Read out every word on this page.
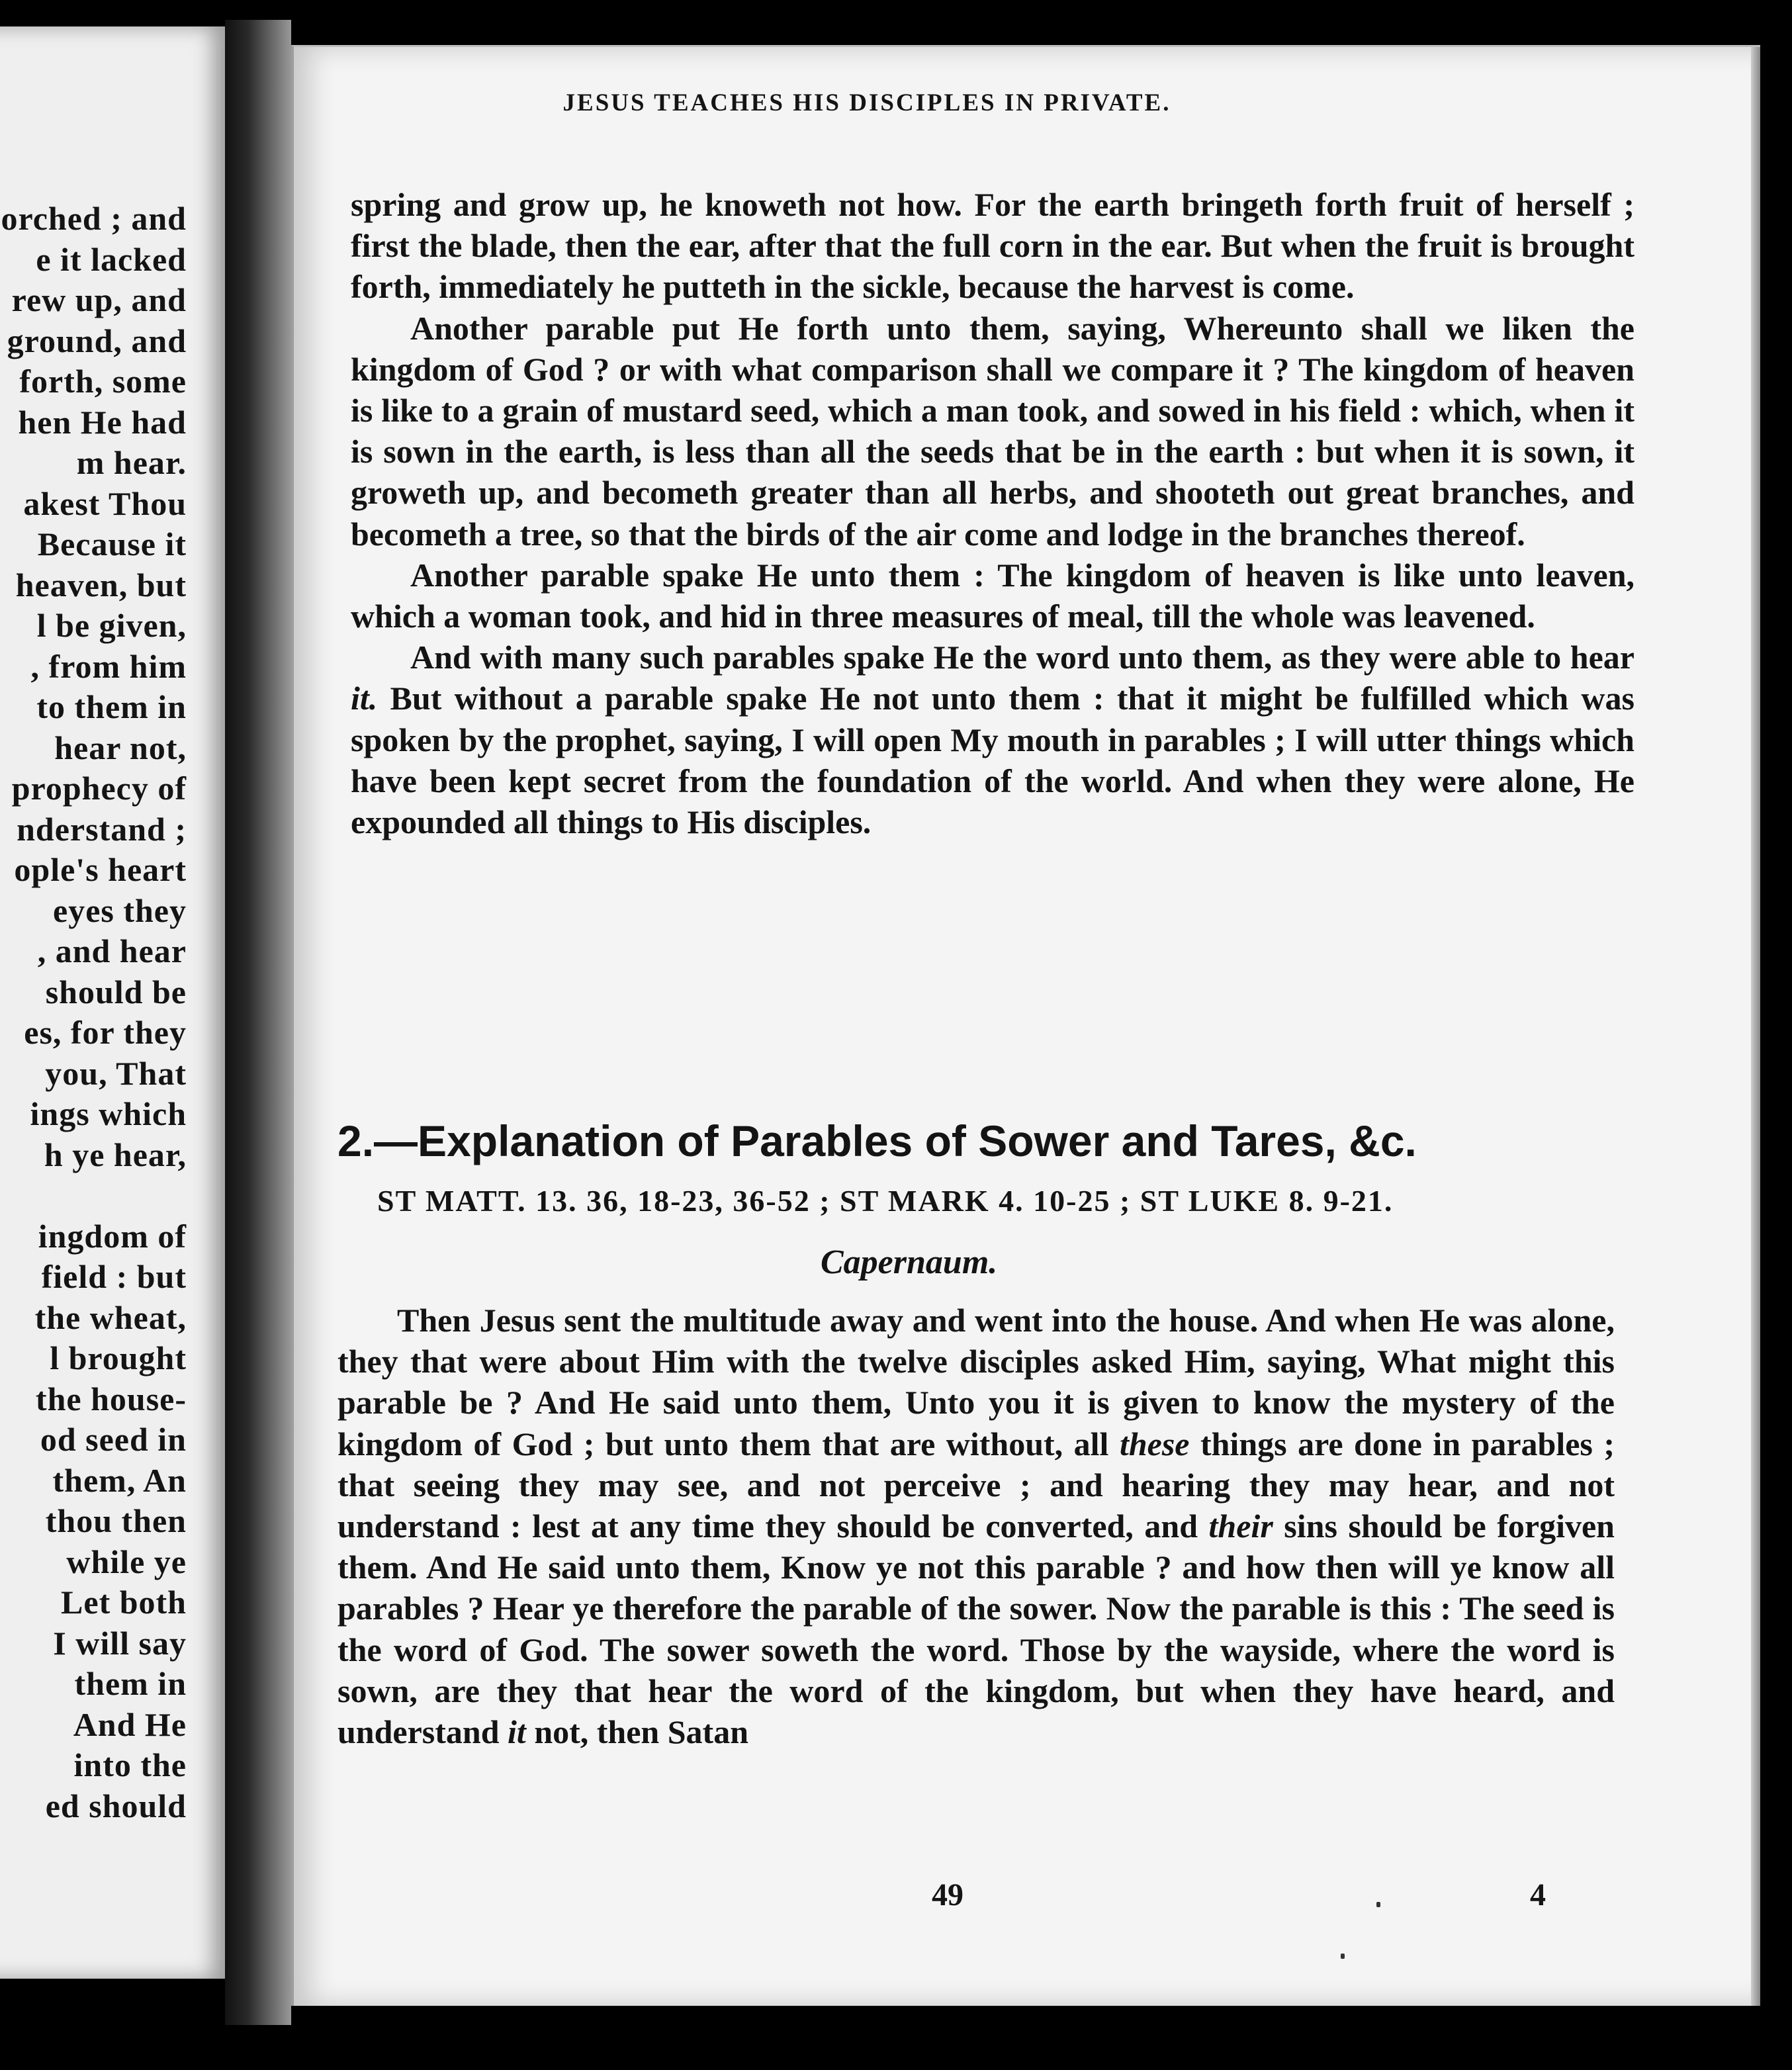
orched ; and
e it lacked
rew up, and
ground, and
forth, some
hen He had
m hear.
akest Thou
Because it
heaven, but
l be given,
, from him
to them in
hear not,
prophecy of
nderstand ;
ople's heart
eyes they
, and hear
should be
es, for they
you, That
ings which
h ye hear,
ingdom of
field : but
the wheat,
l brought
the house-
od seed in
them, An
thou then
while ye
Let both
I will say
them in
And He
into the
ed should
JESUS TEACHES HIS DISCIPLES IN PRIVATE.

spring and grow up, he knoweth not how. For the earth bringeth forth fruit of herself ; first the blade, then the ear, after that the full corn in the ear. But when the fruit is brought forth, immediately he putteth in the sickle, because the harvest is come.

Another parable put He forth unto them, saying, Whereunto shall we liken the kingdom of God ? or with what comparison shall we compare it ? The kingdom of heaven is like to a grain of mustard seed, which a man took, and sowed in his field : which, when it is sown in the earth, is less than all the seeds that be in the earth : but when it is sown, it groweth up, and becometh greater than all herbs, and shooteth out great branches, and becometh a tree, so that the birds of the air come and lodge in the branches thereof.

Another parable spake He unto them : The kingdom of heaven is like unto leaven, which a woman took, and hid in three measures of meal, till the whole was leavened.

And with many such parables spake He the word unto them, as they were able to hear it. But without a parable spake He not unto them : that it might be fulfilled which was spoken by the prophet, saying, I will open My mouth in parables ; I will utter things which have been kept secret from the foundation of the world. And when they were alone, He expounded all things to His disciples.

2.—Explanation of Parables of Sower and Tares, &c.
ST MATT. 13. 36, 18-23, 36-52 ; ST MARK 4. 10-25 ; ST LUKE 8. 9-21.
Capernaum.

Then Jesus sent the multitude away and went into the house. And when He was alone, they that were about Him with the twelve disciples asked Him, saying, What might this parable be ? And He said unto them, Unto you it is given to know the mystery of the kingdom of God ; but unto them that are without, all these things are done in parables ; that seeing they may see, and not perceive ; and hearing they may hear, and not understand : lest at any time they should be converted, and their sins should be forgiven them. And He said unto them, Know ye not this parable ? and how then will ye know all parables ? Hear ye therefore the parable of the sower. Now the parable is this : The seed is the word of God. The sower soweth the word. Those by the wayside, where the word is sown, are they that hear the word of the kingdom, but when they have heard, and understand it not, then Satan

49	4
